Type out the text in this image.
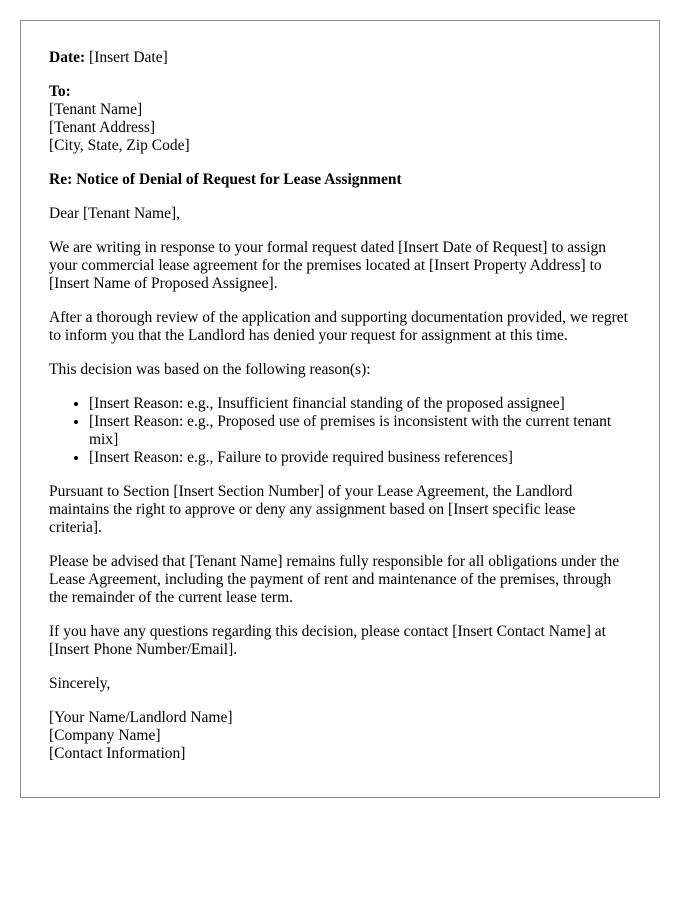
Date: [Insert Date]

To:

[Tenant Name]

[Tenant Address]

[City, State, Zip Code]

Re: Notice of Denial of Request for Lease Assignment

Dear [Tenant Name],

We are writing in response to your formal request dated [Insert Date of Request] to assign your commercial lease agreement for the premises located at [Insert Property Address] to [Insert Name of Proposed Assignee].

After a thorough review of the application and supporting documentation provided, we regret to inform you that the Landlord has denied your request for assignment at this time.

This decision was based on the following reason(s):

• [Insert Reason: e.g., Insufficient financial standing of the proposed assignee]
• [Insert Reason: e.g., Proposed use of premises is inconsistent with the current tenant mix]
• [Insert Reason: e.g., Failure to provide required business references]

Pursuant to Section [Insert Section Number] of your Lease Agreement, the Landlord maintains the right to approve or deny any assignment based on [Insert specific lease criteria].

Please be advised that [Tenant Name] remains fully responsible for all obligations under the Lease Agreement, including the payment of rent and maintenance of the premises, through the remainder of the current lease term.

If you have any questions regarding this decision, please contact [Insert Contact Name] at [Insert Phone Number/Email].

Sincerely,

[Your Name/Landlord Name]

[Company Name]

[Contact Information]
